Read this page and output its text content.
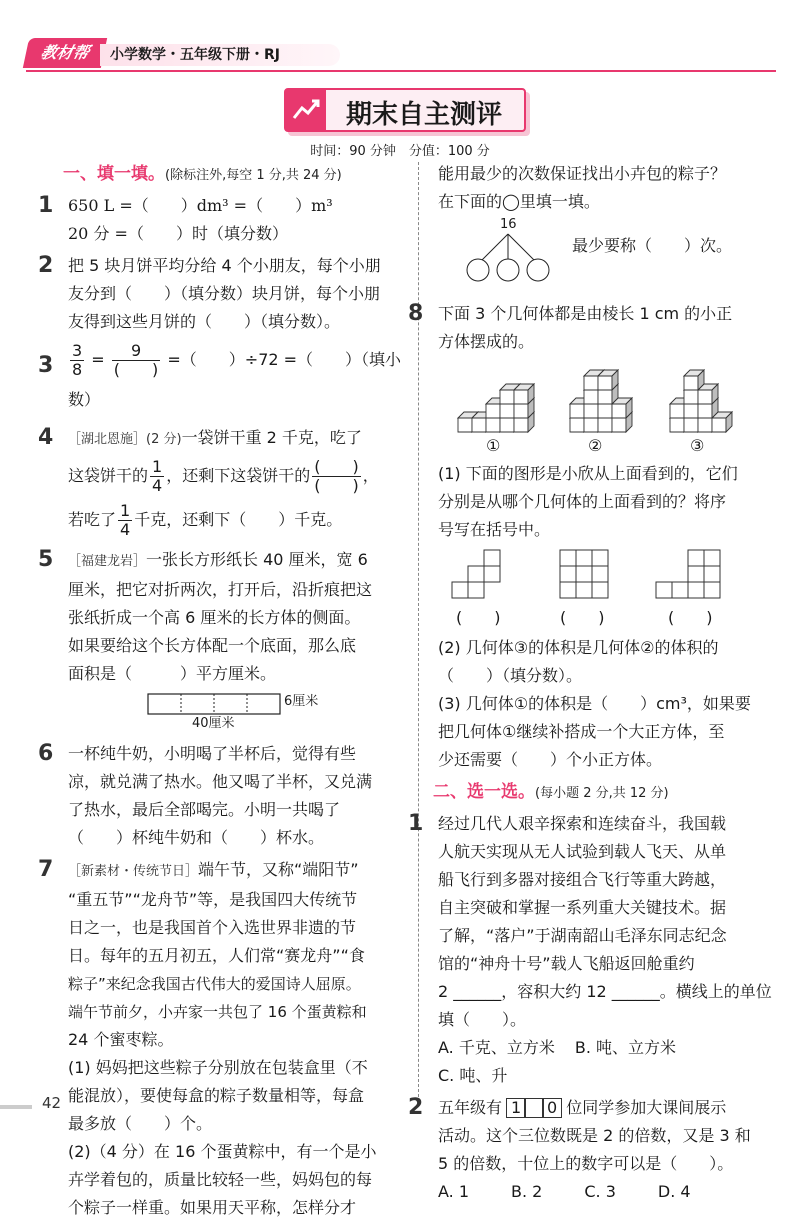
教材帮	小学数学・五年级下册・RJ
期末自主测评
时间：90 分钟　分值：100 分
一、填一填。(除标注外,每空 1 分,共 24 分)
1 650 L =（　　）dm³ =（　　）m³
20 分 =（　　）时（填分数）
2 把 5 块月饼平均分给 4 个小朋友，每个小朋
友分到（　　）（填分数）块月饼，每个小朋
友得到这些月饼的（　　）（填分数）。
$3 \frac{3}{8} = \frac{9}{( )}$ =（　　）÷72 =（　　）（填小数）
4 ［湖北恩施］(2 分)一袋饼干重 2 千克，吃了
这袋饼干的 $\frac{1}{4}$ ，还剩下这袋饼干的 $\frac{( )}{( )}$ ，
若吃了 $\frac{1}{4}$ 千克，还剩下（　　）千克。
5 ［福建龙岩］一张长方形纸长 40 厘米，宽 6
厘米，把它对折两次，打开后，沿折痕把这
张纸折成一个高 6 厘米的长方体的侧面。
如果要给这个长方体配一个底面，那么底
面积是（　　　）平方厘米。
6厘米
40厘米
6 一杯纯牛奶，小明喝了半杯后，觉得有些
凉，就兑满了热水。他又喝了半杯，又兑满
了热水，最后全部喝完。小明一共喝了
（　　）杯纯牛奶和（　　）杯水。
7 ［新素材・传统节日］端午节，又称“端阳节”
“重五节”“龙舟节”等，是我国四大传统节
日之一，也是我国首个入选世界非遗的节
日。每年的五月初五，人们常“赛龙舟”“食
粽子”来纪念我国古代伟大的爱国诗人屈原。
端午节前夕，小卉家一共包了 16 个蛋黄粽和
24 个蜜枣粽。
(1) 妈妈把这些粽子分别放在包装盒里（不
能混放），要使每盒的粽子数量相等，每盒
最多放（　　）个。
(2)（4 分）在 16 个蛋黄粽中，有一个是小
卉学着包的，质量比较轻一些，妈妈包的每
个粽子一样重。如果用天平称，怎样分才
能用最少的次数保证找出小卉包的粽子？
在下面的◯里填一填。
16
最少要称（　　）次。
8 下面 3 个几何体都是由棱长 1 cm 的小正
方体摆成的。
①	②	③
(1) 下面的图形是小欣从上面看到的，它们
分别是从哪个几何体的上面看到的？将序
号写在括号中。
(　　)	(　　)	(　　)
(2) 几何体③的体积是几何体②的体积的
（　　）（填分数）。
(3) 几何体①的体积是（　　）cm³，如果要
把几何体①继续补搭成一个大正方体，至
少还需要（　　）个小正方体。
二、选一选。(每小题 2 分,共 12 分)
1 经过几代人艰辛探索和连续奋斗，我国载
人航天实现从无人试验到载人飞天、从单
船飞行到多器对接组合飞行等重大跨越，
自主突破和掌握一系列重大关键技术。据
了解，“落户”于湖南韶山毛泽东同志纪念
馆的“神舟十号”载人飞船返回舱重约
2 ______，容积大约 12 ______。横线上的单位
填（　　）。
A. 千克、立方米 B. 吨、立方米C. 吨、升
2 五年级有 1 0 位同学参加大课间展示
活动。这个三位数既是 2 的倍数，又是 3 和
5 的倍数，十位上的数字可以是（　　）。
A. 1	B. 2	C. 3	D. 4
42
